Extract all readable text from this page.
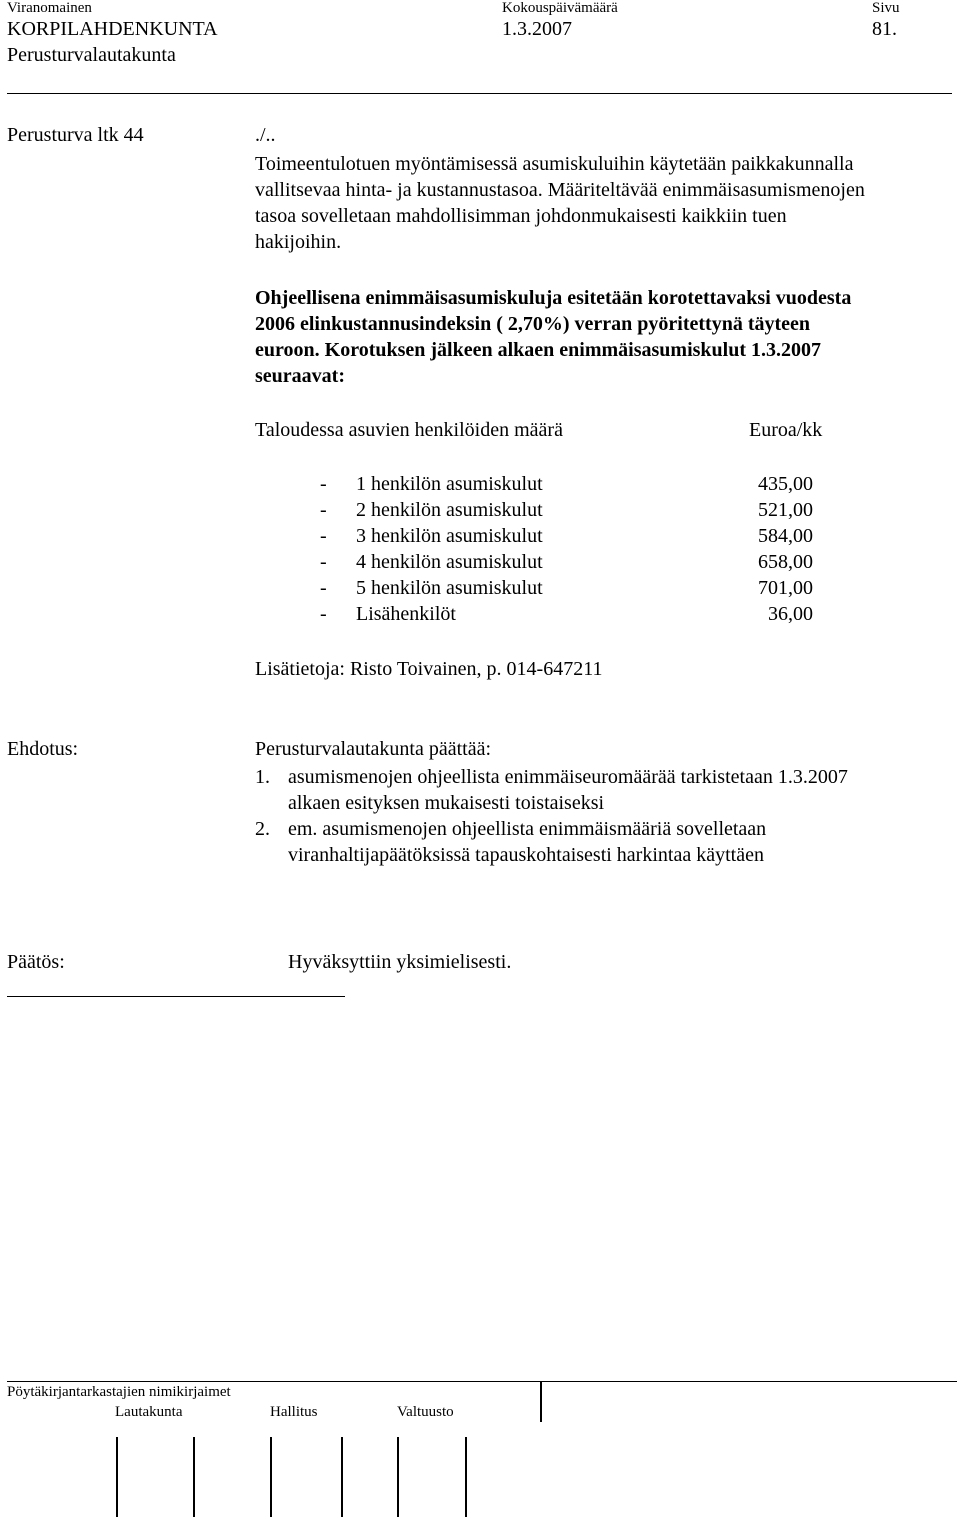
Viranomainen	Kokouspäivämäärä	Sivu
KORPILAHDENKUNTA	1.3.2007	81.
Perusturvalautakunta
Perusturva ltk 44	./..
Toimeentulotuen myöntämisessä asumiskuluihin käytetään paikkakunnalla
vallitsevaa hinta- ja kustannustasoa. Määriteltävää enimmäisasumismenojen
tasoa sovelletaan mahdollisimman johdonmukaisesti kaikkiin tuen
hakijoihin.
Ohjeellisena enimmäisasumiskuluja esitetään korotettavaksi vuodesta
2006 elinkustannusindeksin ( 2,70%) verran pyöritettynä täyteen
euroon. Korotuksen jälkeen alkaen enimmäisasumiskulut 1.3.2007
seuraavat:
Taloudessa asuvien henkilöiden määrä	Euroa/kk
- 1 henkilön asumiskulut	435,00
- 2 henkilön asumiskulut	521,00
- 3 henkilön asumiskulut	584,00
- 4 henkilön asumiskulut	658,00
- 5 henkilön asumiskulut	701,00
- Lisähenkilöt	36,00
Lisätietoja: Risto Toivainen, p. 014-647211
Ehdotus:	Perusturvalautakunta päättää:
1. asumismenojen ohjeellista enimmäiseuromäärää tarkistetaan 1.3.2007
alkaen esityksen mukaisesti toistaiseksi
2. em. asumismenojen ohjeellista enimmäismääriä sovelletaan
viranhaltijapäätöksissä tapauskohtaisesti harkintaa käyttäen
Päätös:	Hyväksyttiin yksimielisesti.
Pöytäkirjantarkastajien nimikirjaimet
Lautakunta	Hallitus	Valtuusto
